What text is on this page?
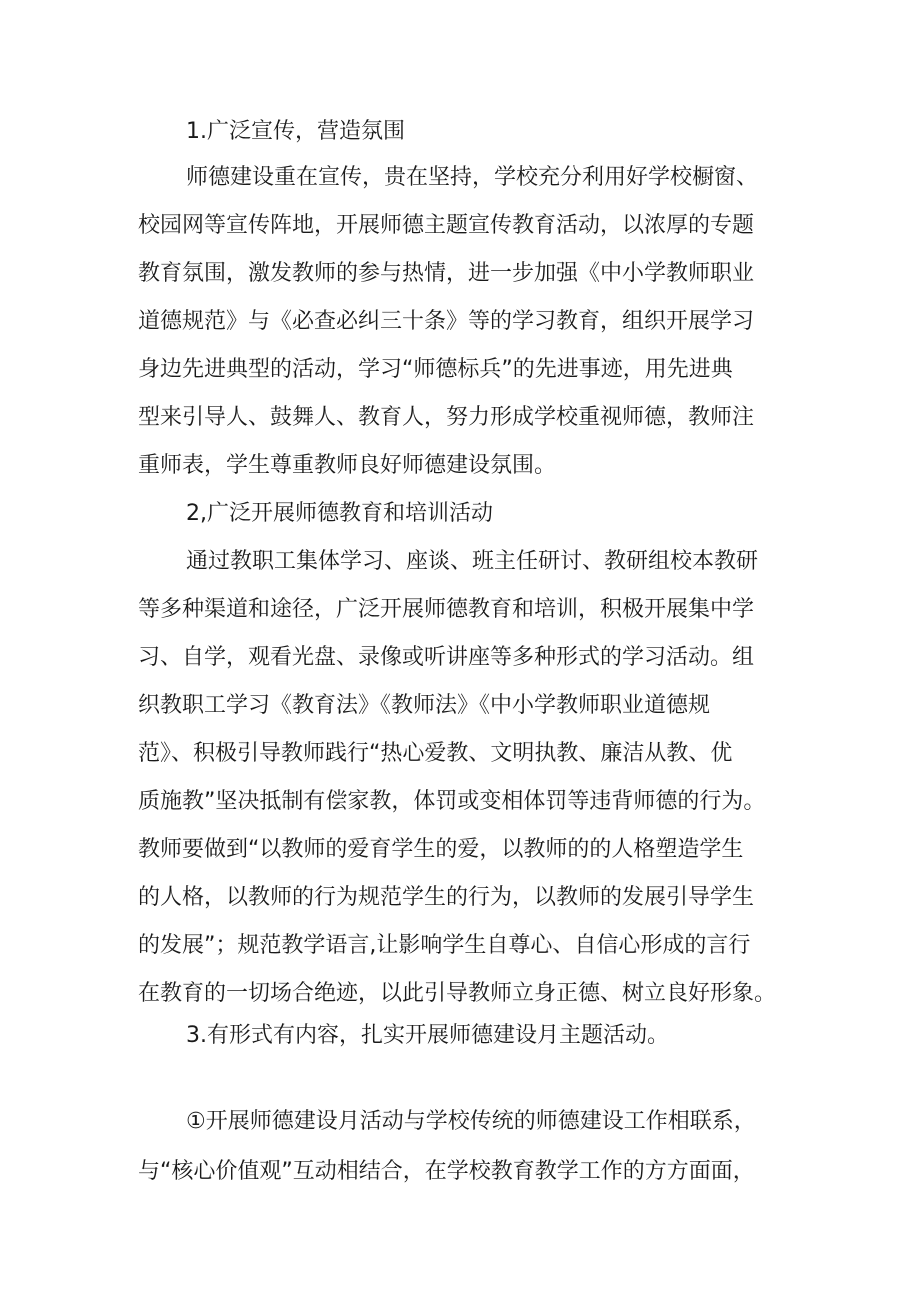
1.广泛宣传，营造氛围
师德建设重在宣传，贵在坚持，学校充分利用好学校橱窗、
校园网等宣传阵地，开展师德主题宣传教育活动，以浓厚的专题
教育氛围，激发教师的参与热情，进一步加强《中小学教师职业
道德规范》与《必查必纠三十条》等的学习教育，组织开展学习
身边先进典型的活动，学习“师德标兵”的先进事迹，用先进典
型来引导人、鼓舞人、教育人，努力形成学校重视师德，教师注
重师表，学生尊重教师良好师德建设氛围。
2,广泛开展师德教育和培训活动
通过教职工集体学习、座谈、班主任研讨、教研组校本教研
等多种渠道和途径，广泛开展师德教育和培训，积极开展集中学
习、自学，观看光盘、录像或听讲座等多种形式的学习活动。组
织教职工学习《教育法》《教师法》《中小学教师职业道德规
范》、积极引导教师践行“热心爱教、文明执教、廉洁从教、优
质施教”坚决抵制有偿家教，体罚或变相体罚等违背师德的行为。
教师要做到“以教师的爱育学生的爱，以教师的的人格塑造学生
的人格，以教师的行为规范学生的行为，以教师的发展引导学生
的发展”；规范教学语言,让影响学生自尊心、自信心形成的言行
在教育的一切场合绝迹，以此引导教师立身正德、树立良好形象。
3.有形式有内容，扎实开展师德建设月主题活动。
①开展师德建设月活动与学校传统的师德建设工作相联系，
与“核心价值观”互动相结合，在学校教育教学工作的方方面面，
